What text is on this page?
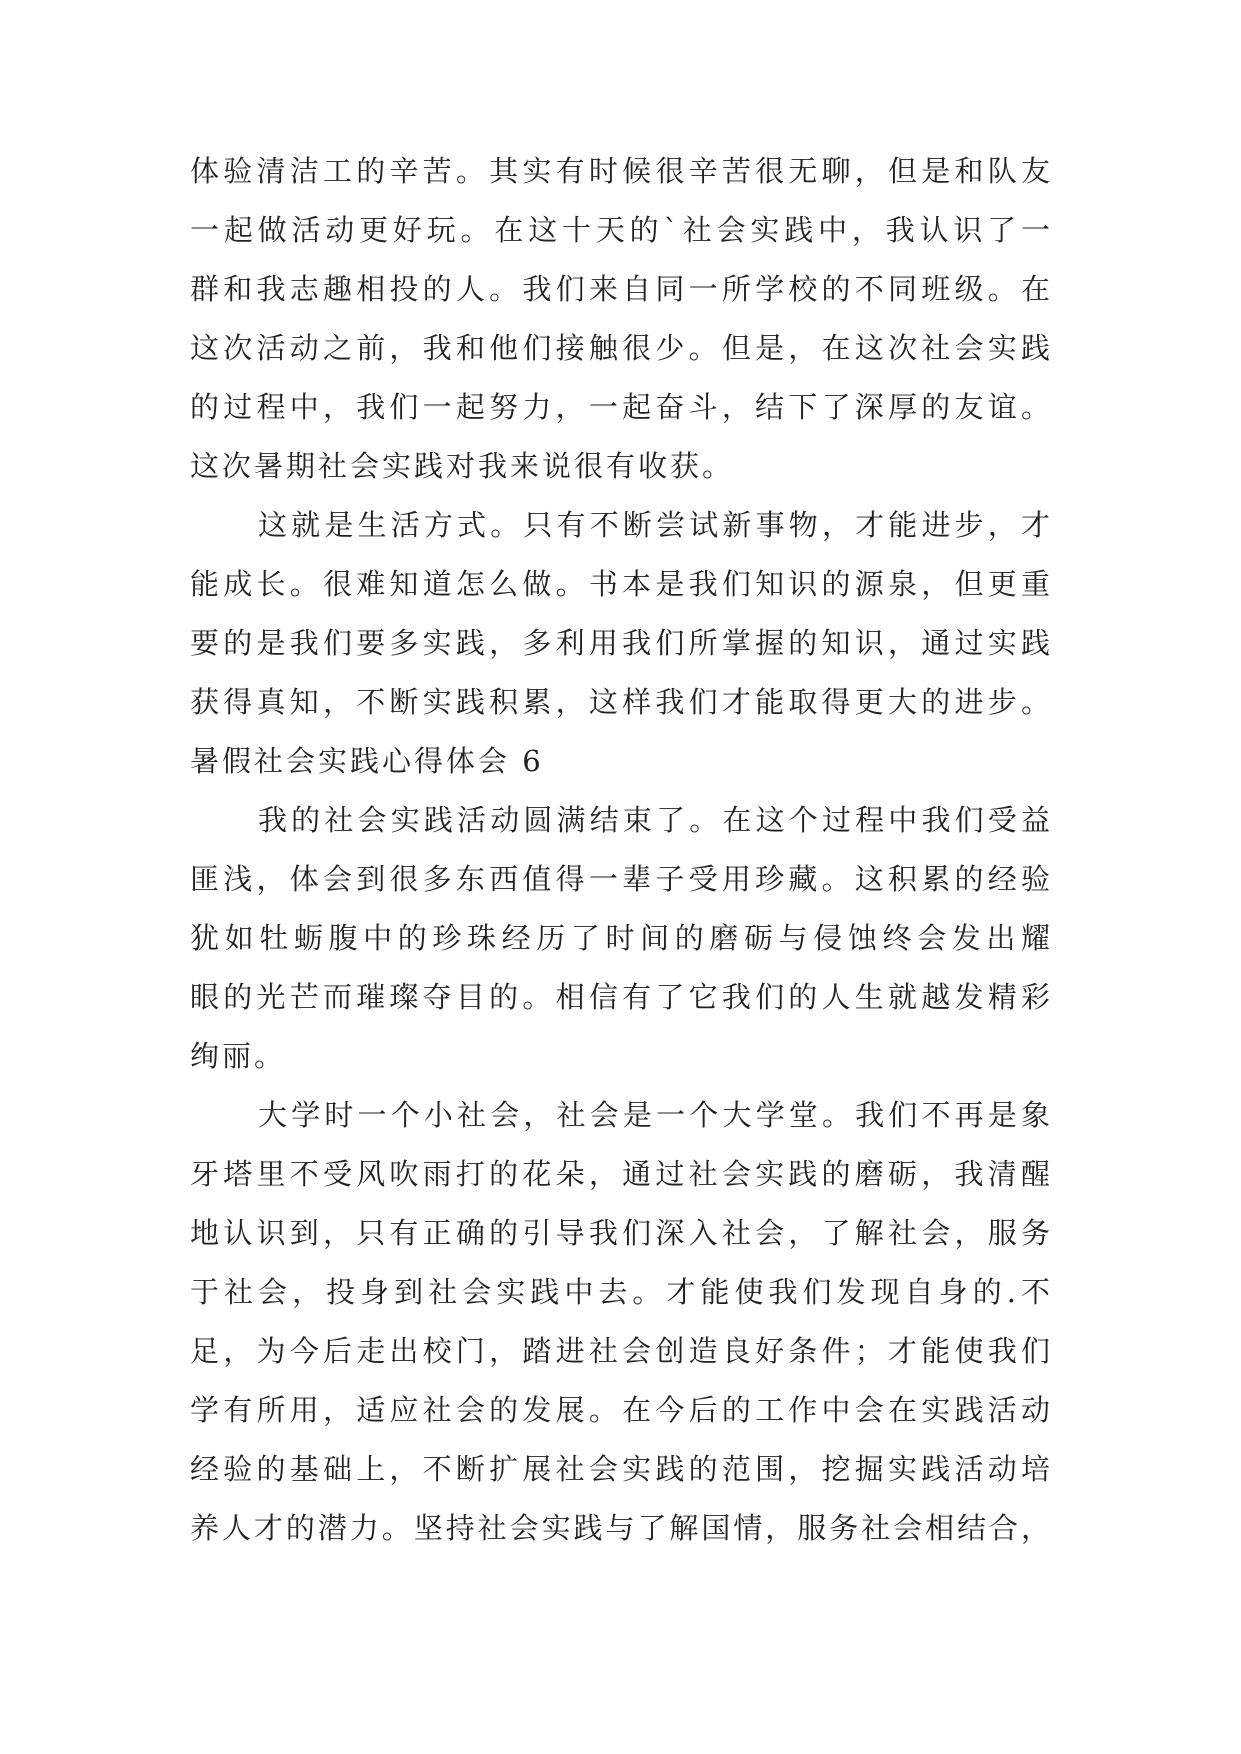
体验清洁工的辛苦。其实有时候很辛苦很无聊，但是和队友
一起做活动更好玩。在这十天的`社会实践中，我认识了一
群和我志趣相投的人。我们来自同一所学校的不同班级。在
这次活动之前，我和他们接触很少。但是，在这次社会实践
的过程中，我们一起努力，一起奋斗，结下了深厚的友谊。
这次暑期社会实践对我来说很有收获。
这就是生活方式。只有不断尝试新事物，才能进步，才
能成长。很难知道怎么做。书本是我们知识的源泉，但更重
要的是我们要多实践，多利用我们所掌握的知识，通过实践
获得真知，不断实践积累，这样我们才能取得更大的进步。
暑假社会实践心得体会 6
我的社会实践活动圆满结束了。在这个过程中我们受益
匪浅，体会到很多东西值得一辈子受用珍藏。这积累的经验
犹如牡蛎腹中的珍珠经历了时间的磨砺与侵蚀终会发出耀
眼的光芒而璀璨夺目的。相信有了它我们的人生就越发精彩
绚丽。
大学时一个小社会，社会是一个大学堂。我们不再是象
牙塔里不受风吹雨打的花朵，通过社会实践的磨砺，我清醒
地认识到，只有正确的引导我们深入社会，了解社会，服务
于社会，投身到社会实践中去。才能使我们发现自身的.不
足，为今后走出校门，踏进社会创造良好条件；才能使我们
学有所用，适应社会的发展。在今后的工作中会在实践活动
经验的基础上，不断扩展社会实践的范围，挖掘实践活动培
养人才的潜力。坚持社会实践与了解国情，服务社会相结合，
